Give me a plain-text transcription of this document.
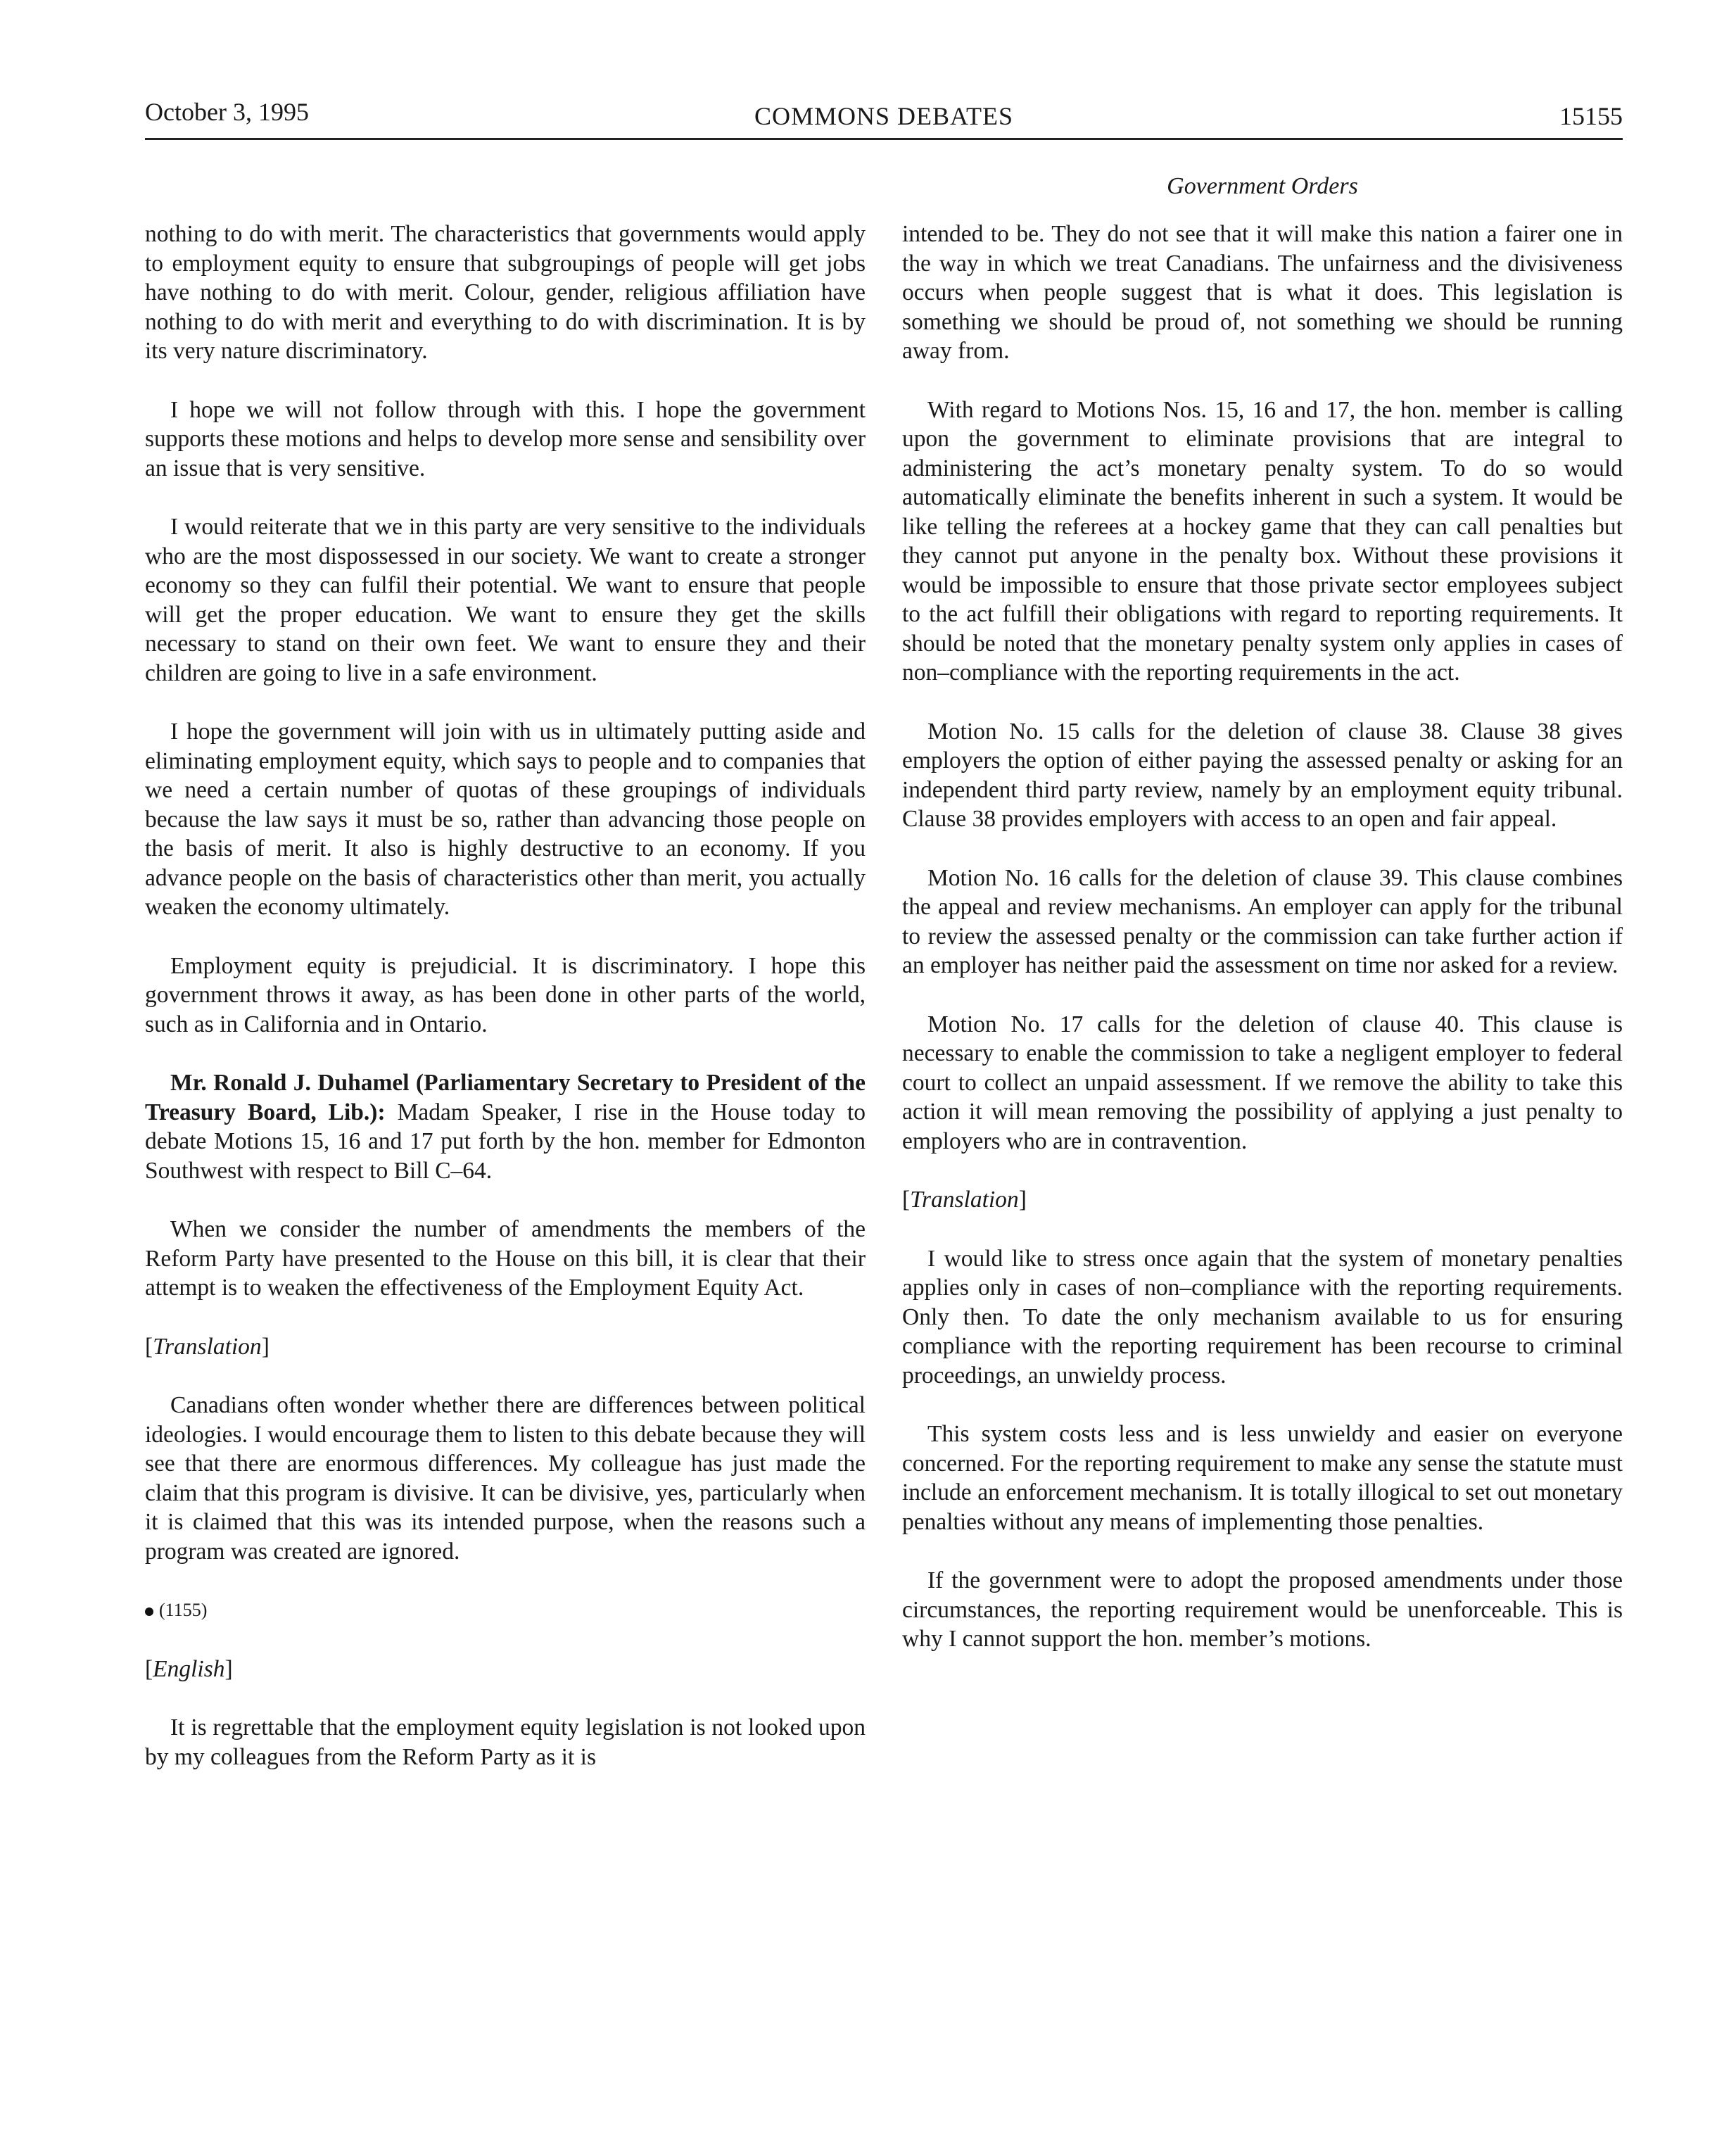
October 3, 1995	COMMONS DEBATES	15155
Government Orders

nothing to do with merit. The characteristics that governments would apply to employment equity to ensure that subgroupings of people will get jobs have nothing to do with merit. Colour, gender, religious affiliation have nothing to do with merit and everything to do with discrimination. It is by its very nature discriminatory.

I hope we will not follow through with this. I hope the government supports these motions and helps to develop more sense and sensibility over an issue that is very sensitive.

I would reiterate that we in this party are very sensitive to the individuals who are the most dispossessed in our society. We want to create a stronger economy so they can fulfil their potential. We want to ensure that people will get the proper education. We want to ensure they get the skills necessary to stand on their own feet. We want to ensure they and their children are going to live in a safe environment.

I hope the government will join with us in ultimately putting aside and eliminating employment equity, which says to people and to companies that we need a certain number of quotas of these groupings of individuals because the law says it must be so, rather than advancing those people on the basis of merit. It also is highly destructive to an economy. If you advance people on the basis of characteristics other than merit, you actually weaken the economy ultimately.

Employment equity is prejudicial. It is discriminatory. I hope this government throws it away, as has been done in other parts of the world, such as in California and in Ontario.

Mr. Ronald J. Duhamel (Parliamentary Secretary to President of the Treasury Board, Lib.): Madam Speaker, I rise in the House today to debate Motions 15, 16 and 17 put forth by the hon. member for Edmonton Southwest with respect to Bill C–64.

When we consider the number of amendments the members of the Reform Party have presented to the House on this bill, it is clear that their attempt is to weaken the effectiveness of the Employment Equity Act.

[Translation]

Canadians often wonder whether there are differences between political ideologies. I would encourage them to listen to this debate because they will see that there are enormous differences. My colleague has just made the claim that this program is divisive. It can be divisive, yes, particularly when it is claimed that this was its intended purpose, when the reasons such a program was created are ignored.

(1155)
[English]

It is regrettable that the employment equity legislation is not looked upon by my colleagues from the Reform Party as it is

intended to be. They do not see that it will make this nation a fairer one in the way in which we treat Canadians. The unfairness and the divisiveness occurs when people suggest that is what it does. This legislation is something we should be proud of, not something we should be running away from.

With regard to Motions Nos. 15, 16 and 17, the hon. member is calling upon the government to eliminate provisions that are integral to administering the act’s monetary penalty system. To do so would automatically eliminate the benefits inherent in such a system. It would be like telling the referees at a hockey game that they can call penalties but they cannot put anyone in the penalty box. Without these provisions it would be impossible to ensure that those private sector employees subject to the act fulfill their obligations with regard to reporting requirements. It should be noted that the monetary penalty system only applies in cases of non–compliance with the reporting requirements in the act.

Motion No. 15 calls for the deletion of clause 38. Clause 38 gives employers the option of either paying the assessed penalty or asking for an independent third party review, namely by an employment equity tribunal. Clause 38 provides employers with access to an open and fair appeal.

Motion No. 16 calls for the deletion of clause 39. This clause combines the appeal and review mechanisms. An employer can apply for the tribunal to review the assessed penalty or the commission can take further action if an employer has neither paid the assessment on time nor asked for a review.

Motion No. 17 calls for the deletion of clause 40. This clause is necessary to enable the commission to take a negligent employer to federal court to collect an unpaid assessment. If we remove the ability to take this action it will mean removing the possibility of applying a just penalty to employers who are in contravention.

[Translation]

I would like to stress once again that the system of monetary penalties applies only in cases of non–compliance with the reporting requirements. Only then. To date the only mechanism available to us for ensuring compliance with the reporting requirement has been recourse to criminal proceedings, an unwieldy process.

This system costs less and is less unwieldy and easier on everyone concerned. For the reporting requirement to make any sense the statute must include an enforcement mechanism. It is totally illogical to set out monetary penalties without any means of implementing those penalties.

If the government were to adopt the proposed amendments under those circumstances, the reporting requirement would be unenforceable. This is why I cannot support the hon. member’s motions.
